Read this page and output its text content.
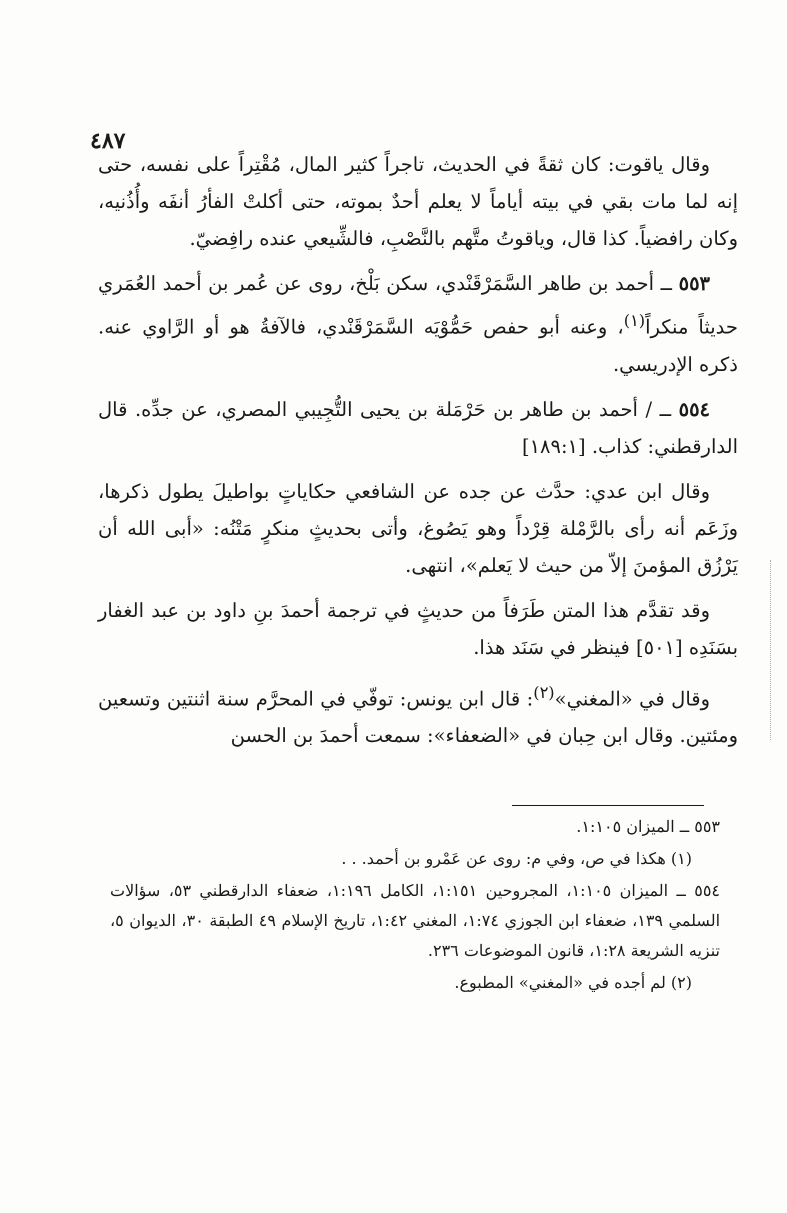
٤٨٧

وقال ياقوت: كان ثقةً في الحديث، تاجراً كثير المال، مُقْتِراً على نفسه، حتى إنه لما مات بقي في بيته أياماً لا يعلم أحدٌ بموته، حتى أكلتْ الفأرُ أنفَه وأُذُنيه، وكان رافضياً. كذا قال، وياقوتُ متَّهم بالنَّصْبِ، فالشِّيعي عنده رافِضيّ.

٥٥٣ ــ أحمد بن طاهر السَّمَرْقَنْدي، سكن بَلْخ، روى عن عُمر بن أحمد العُمَري حديثاً منكراً$^{(١)}$، وعنه أبو حفص حَمُّوْيَه السَّمَرْقَنْدي، فالآفةُ هو أو الرَّاوي عنه. ذكره الإدريسي.

٥٥٤ ــ / أحمد بن طاهر بن حَرْمَلة بن يحيى التُّجِيبي المصري، عن جدِّه. قال الدارقطني: كذاب. [١٨٩:١]

وقال ابن عدي: حدَّث عن جده عن الشافعي حكاياتٍ بواطيلَ يطول ذكرها، وزَعَم أنه رأى بالرَّمْلة قِرْداً وهو يَصُوغ، وأتى بحديثٍ منكرٍ مَتْنُه: «أبى الله أن يَرْزُق المؤمنَ إلاّ من حيث لا يَعلم»، انتهى.

وقد تقدَّم هذا المتن طَرَفاً من حديثٍ في ترجمة أحمدَ بنِ داود بن عبد الغفار بسَنَدِه [٥٠١] فينظر في سَنَد هذا.

وقال في «المغني»$^{(٢)}$: قال ابن يونس: توفّي في المحرَّم سنة اثنتين وتسعين ومئتين. وقال ابن حِبان في «الضعفاء»: سمعت أحمدَ بن الحسن

٥٥٣ ــ الميزان ١:١٠٥.

(١) هكذا في ص، وفي م: روى عن عَمْرو بن أحمد. . .

٥٥٤ ــ الميزان ١:١٠٥، المجروحين ١:١٥١، الكامل ١:١٩٦، ضعفاء الدارقطني ٥٣، سؤالات السلمي ١٣٩، ضعفاء ابن الجوزي ١:٧٤، المغني ١:٤٢، تاريخ الإسلام ٤٩ الطبقة ٣٠، الديوان ٥، تنزيه الشريعة ١:٢٨، قانون الموضوعات ٢٣٦.

(٢) لم أجده في «المغني» المطبوع.
